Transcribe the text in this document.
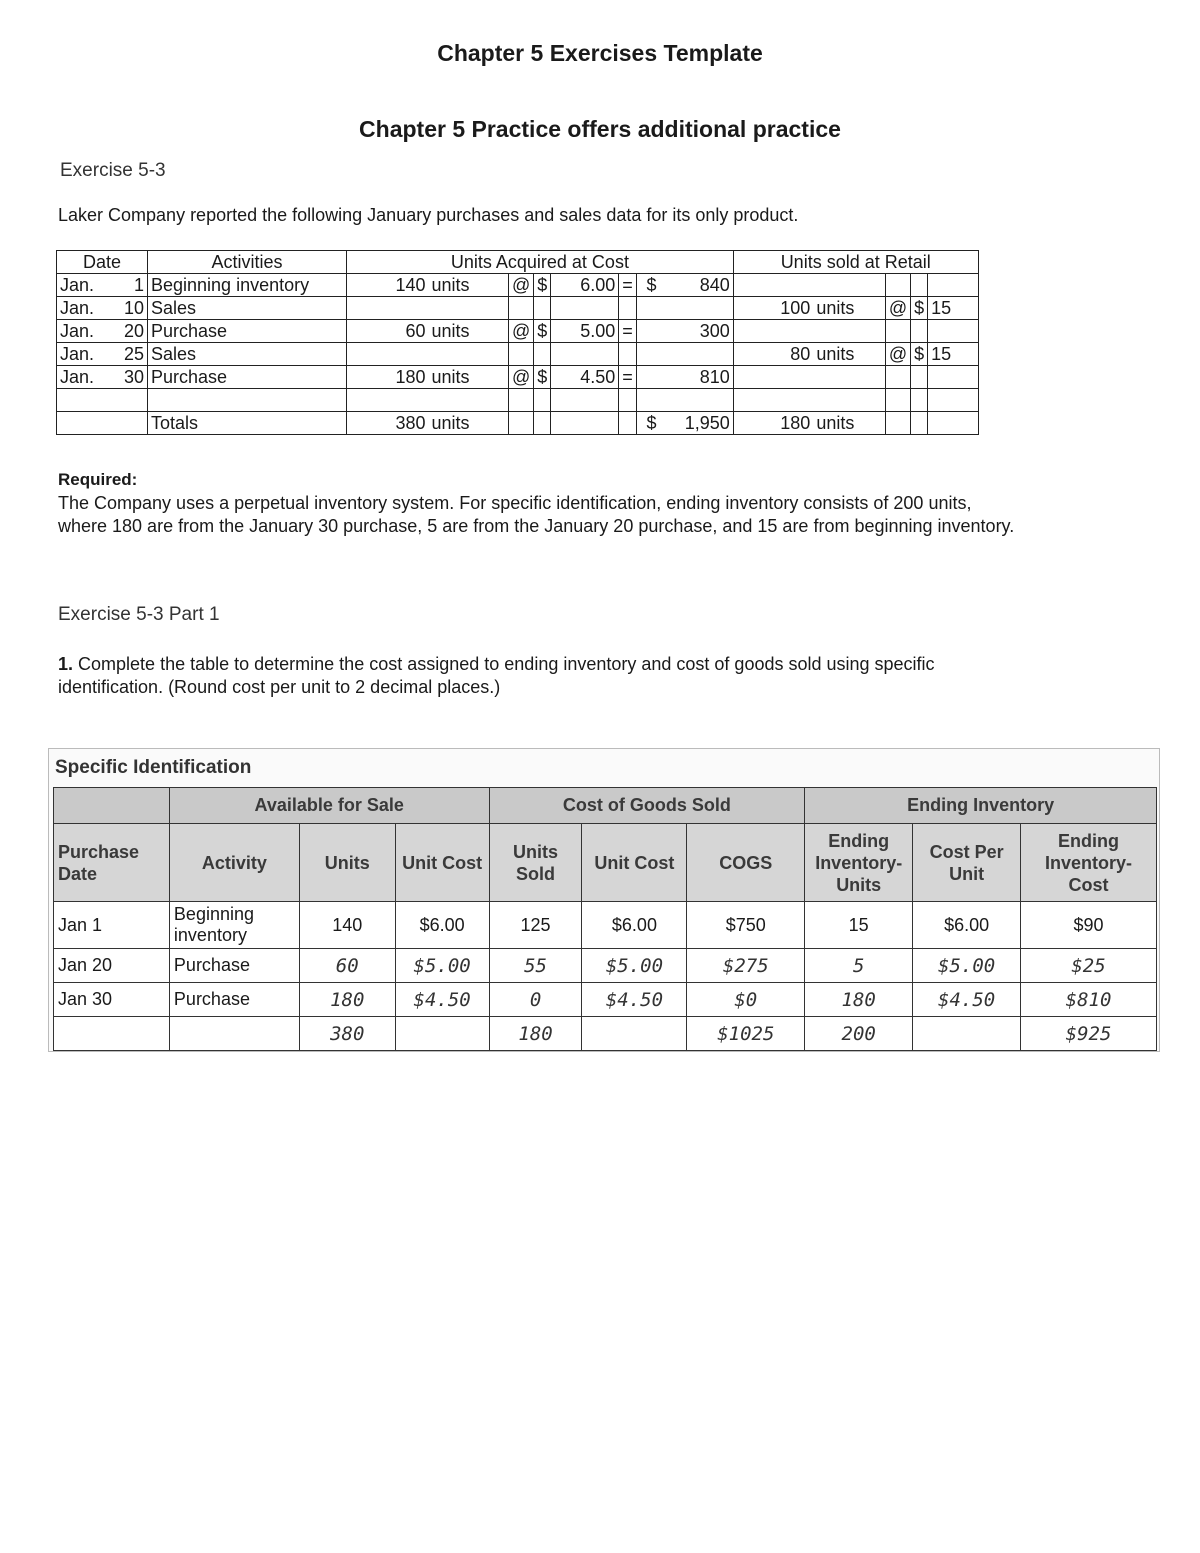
Chapter 5 Exercises Template
Chapter 5 Practice offers additional practice
Exercise 5-3
Laker Company reported the following January purchases and sales data for its only product.
Date		Activities	Units Acquired at Cost								Units sold at Retail					
Jan.	1	Beginning inventory	140	units	@	$	6.00	=	$	840						
Jan.	10	Sales									100	units	@	$	15	
Jan.	20	Purchase	60	units	@	$	5.00	=		300						
Jan.	25	Sales									80	units	@	$	15	
Jan.	30	Purchase	180	units	@	$	4.50	=		810						

		Totals	380	units					$	1,950	180	units				
Required:
The Company uses a perpetual inventory system. For specific identification, ending inventory consists of 200 units, where 180 are from the January 30 purchase, 5 are from the January 20 purchase, and 15 are from beginning inventory.
Exercise 5-3 Part 1
1. Complete the table to determine the cost assigned to ending inventory and cost of goods sold using specific identification. (Round cost per unit to 2 decimal places.)
Specific Identification
	Available for Sale			Cost of Goods Sold			Ending Inventory		
Purchase Date	Activity	Units	Unit Cost	Units Sold	Unit Cost	COGS	Ending Inventory-Units	Cost Per Unit	Ending Inventory-Cost
Jan 1	Beginning inventory	140	$6.00	125	$6.00	$750	15	$6.00	$90
Jan 20	Purchase	60	$5.00	55	$5.00	$275	5	$5.00	$25
Jan 30	Purchase	180	$4.50	0	$4.50	$0	180	$4.50	$810
		380		180		$1025	200		$925
